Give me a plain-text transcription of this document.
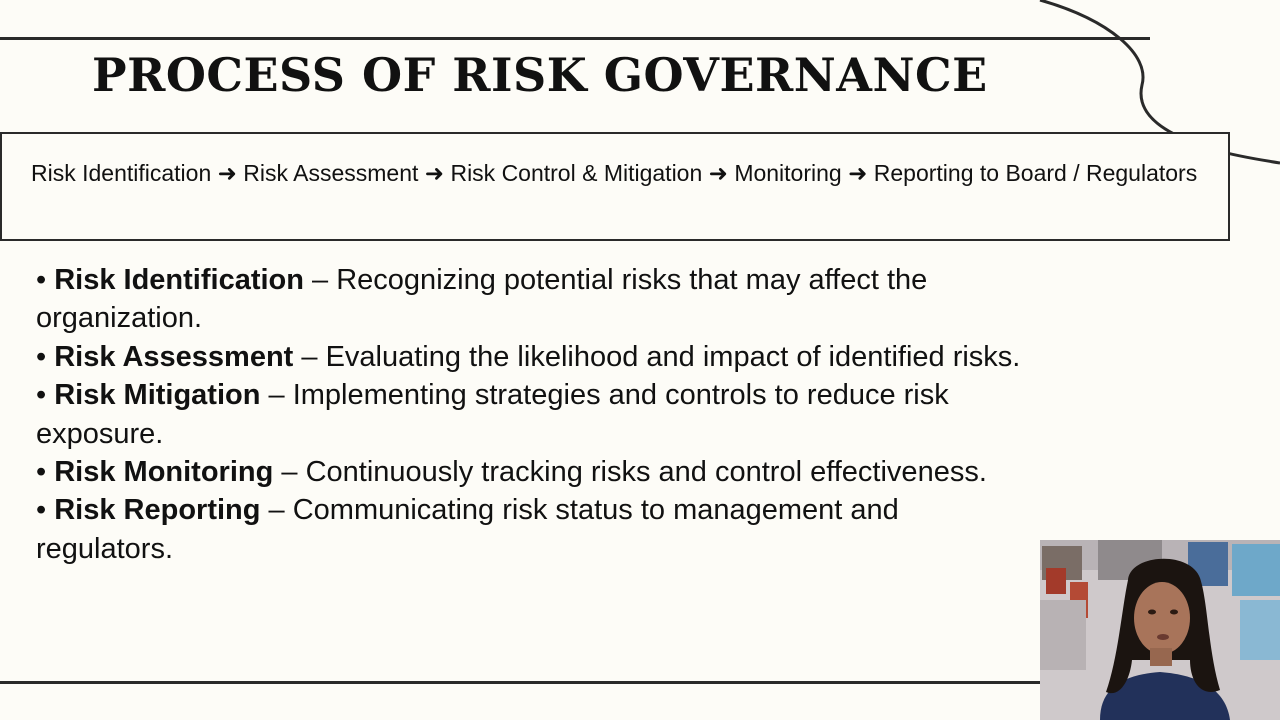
PROCESS OF RISK GOVERNANCE
Risk Identification ➜ Risk Assessment ➜ Risk Control & Mitigation ➜ Monitoring ➜ Reporting to Board / Regulators
• Risk Identification – Recognizing potential risks that may affect the organization.
• Risk Assessment – Evaluating the likelihood and impact of identified risks.
• Risk Mitigation – Implementing strategies and controls to reduce risk exposure.
• Risk Monitoring – Continuously tracking risks and control effectiveness.
• Risk Reporting – Communicating risk status to management and regulators.
